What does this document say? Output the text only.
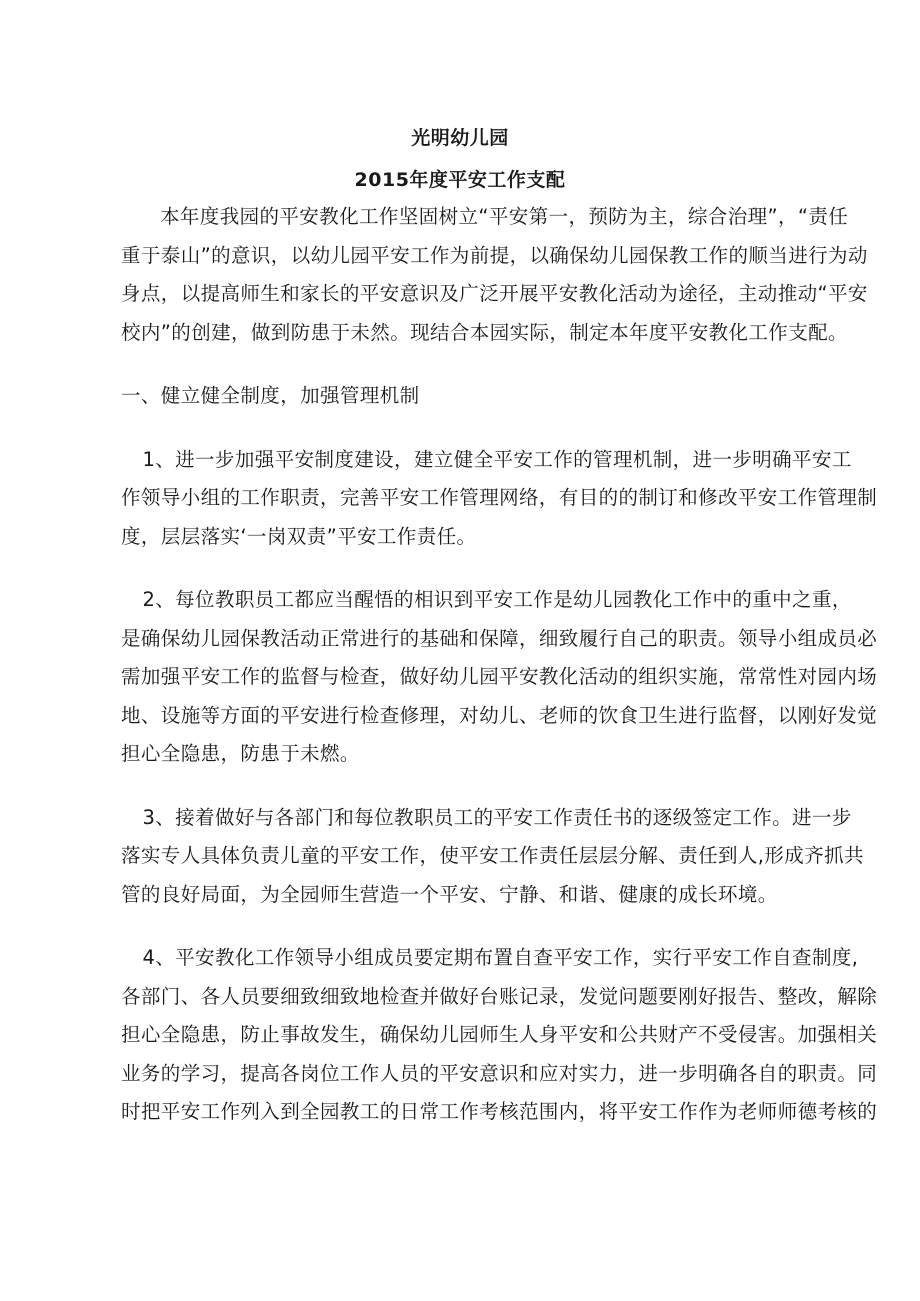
光明幼儿园
2015年度平安工作支配
本年度我园的平安教化工作坚固树立“平安第一，预防为主，综合治理”，“责任
重于泰山”的意识，以幼儿园平安工作为前提，以确保幼儿园保教工作的顺当进行为动
身点，以提高师生和家长的平安意识及广泛开展平安教化活动为途径，主动推动“平安
校内”的创建，做到防患于未然。现结合本园实际，制定本年度平安教化工作支配。
一、健立健全制度，加强管理机制
1、进一步加强平安制度建设，建立健全平安工作的管理机制，进一步明确平安工
作领导小组的工作职责，完善平安工作管理网络，有目的的制订和修改平安工作管理制
度，层层落实‘一岗双责”平安工作责任。
2、每位教职员工都应当醒悟的相识到平安工作是幼儿园教化工作中的重中之重，
是确保幼儿园保教活动正常进行的基础和保障，细致履行自己的职责。领导小组成员必
需加强平安工作的监督与检查，做好幼儿园平安教化活动的组织实施，常常性对园内场
地、设施等方面的平安进行检查修理，对幼儿、老师的饮食卫生进行监督，以刚好发觉
担心全隐患，防患于未燃。
3、接着做好与各部门和每位教职员工的平安工作责任书的逐级签定工作。进一步
落实专人具体负责儿童的平安工作，使平安工作责任层层分解、责任到人,形成齐抓共
管的良好局面，为全园师生营造一个平安、宁静、和谐、健康的成长环境。
4、平安教化工作领导小组成员要定期布置自查平安工作，实行平安工作自查制度,
各部门、各人员要细致细致地检查并做好台账记录，发觉问题要刚好报告、整改，解除
担心全隐患，防止事故发生，确保幼儿园师生人身平安和公共财产不受侵害。加强相关
业务的学习，提高各岗位工作人员的平安意识和应对实力，进一步明确各自的职责。同
时把平安工作列入到全园教工的日常工作考核范围内，将平安工作作为老师师德考核的
